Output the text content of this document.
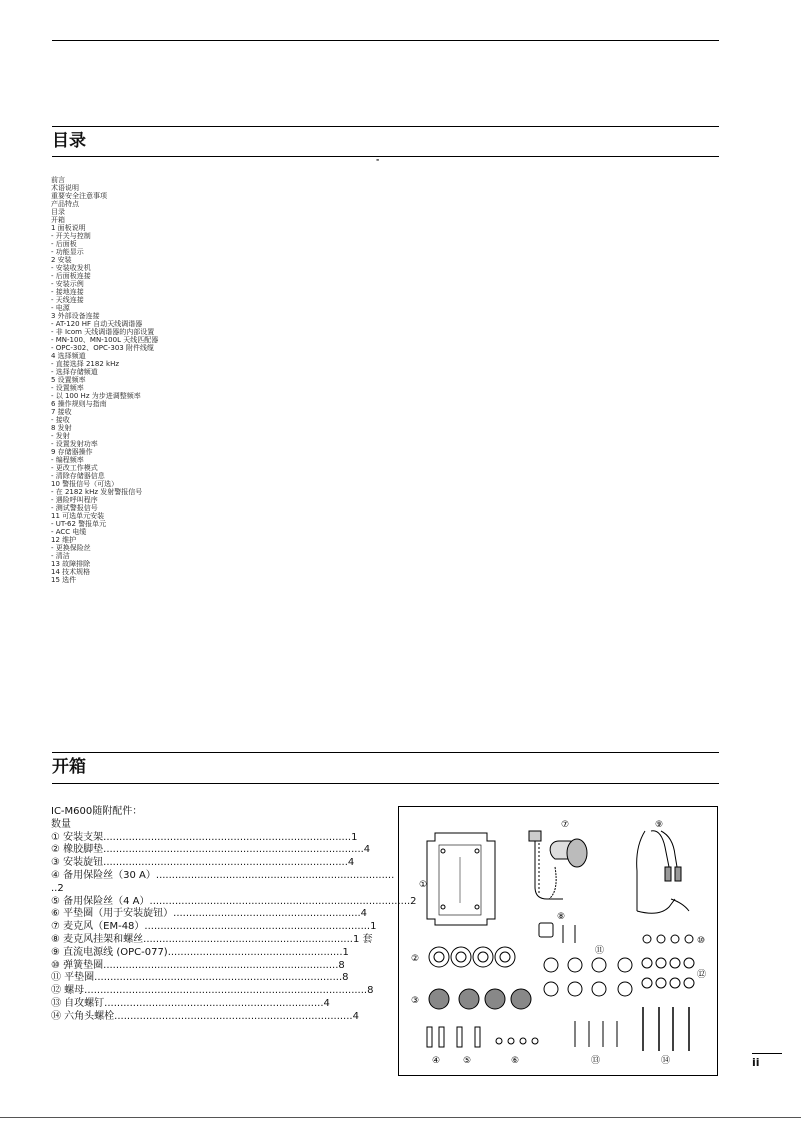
目录
-
前言
术语说明
重要安全注意事项
产品特点
目录
开箱
1 面板说明
- 开关与控制
- 后面板
- 功能显示
2 安装
- 安装收发机
- 后面板连接
- 安装示例
- 接地连接
- 天线连接
- 电源
3 外部设备连接
- AT-120 HF 自动天线调谐器
- 非 Icom 天线调谐器的内部设置
- MN-100、MN-100L 天线匹配器
- OPC-302、OPC-303 附件线缆
4 选择频道
- 直接选择 2182 kHz
- 选择存储频道
5 设置频率
- 设置频率
- 以 100 Hz 为步进调整频率
6 操作规则与指南
7 接收
- 接收
8 发射
- 发射
- 设置发射功率
9 存储器操作
- 编程频率
- 更改工作模式
- 清除存储器信息
10 警报信号（可选）
- 在 2182 kHz 发射警报信号
- 遇险呼叫程序
- 测试警报信号
11 可选单元安装
- UT-62 警报单元
- ACC 电缆
12 维护
- 更换保险丝
- 清洁
13 故障排除
14 技术规格
15 选件
开箱
IC-M600随附配件：
数量
① 安装支架..............................................................................1
② 橡胶脚垫..................................................................................4
③ 安装旋钮.............................................................................4
④ 备用保险丝（30 A）...........................................................................
..2
⑤ 备用保险丝（4 A）..................................................................................2
⑥ 平垫圈（用于安装旋钮）...........................................................4
⑦ 麦克风（EM-48）.......................................................................1
⑧ 麦克风挂架和螺丝..................................................................1 套
⑨ 直流电源线 (OPC-077).......................................................1
⑩ 弹簧垫圈..........................................................................8
⑪ 平垫圈..............................................................................8
⑫ 螺母.........................................................................................8
⑬ 自攻螺钉.....................................................................4
⑭ 六角头螺栓...........................................................................4
①
②
③
④	⑤	⑥
⑦
⑧
⑨
⑩
⑪
⑫
⑬	⑭	ii
